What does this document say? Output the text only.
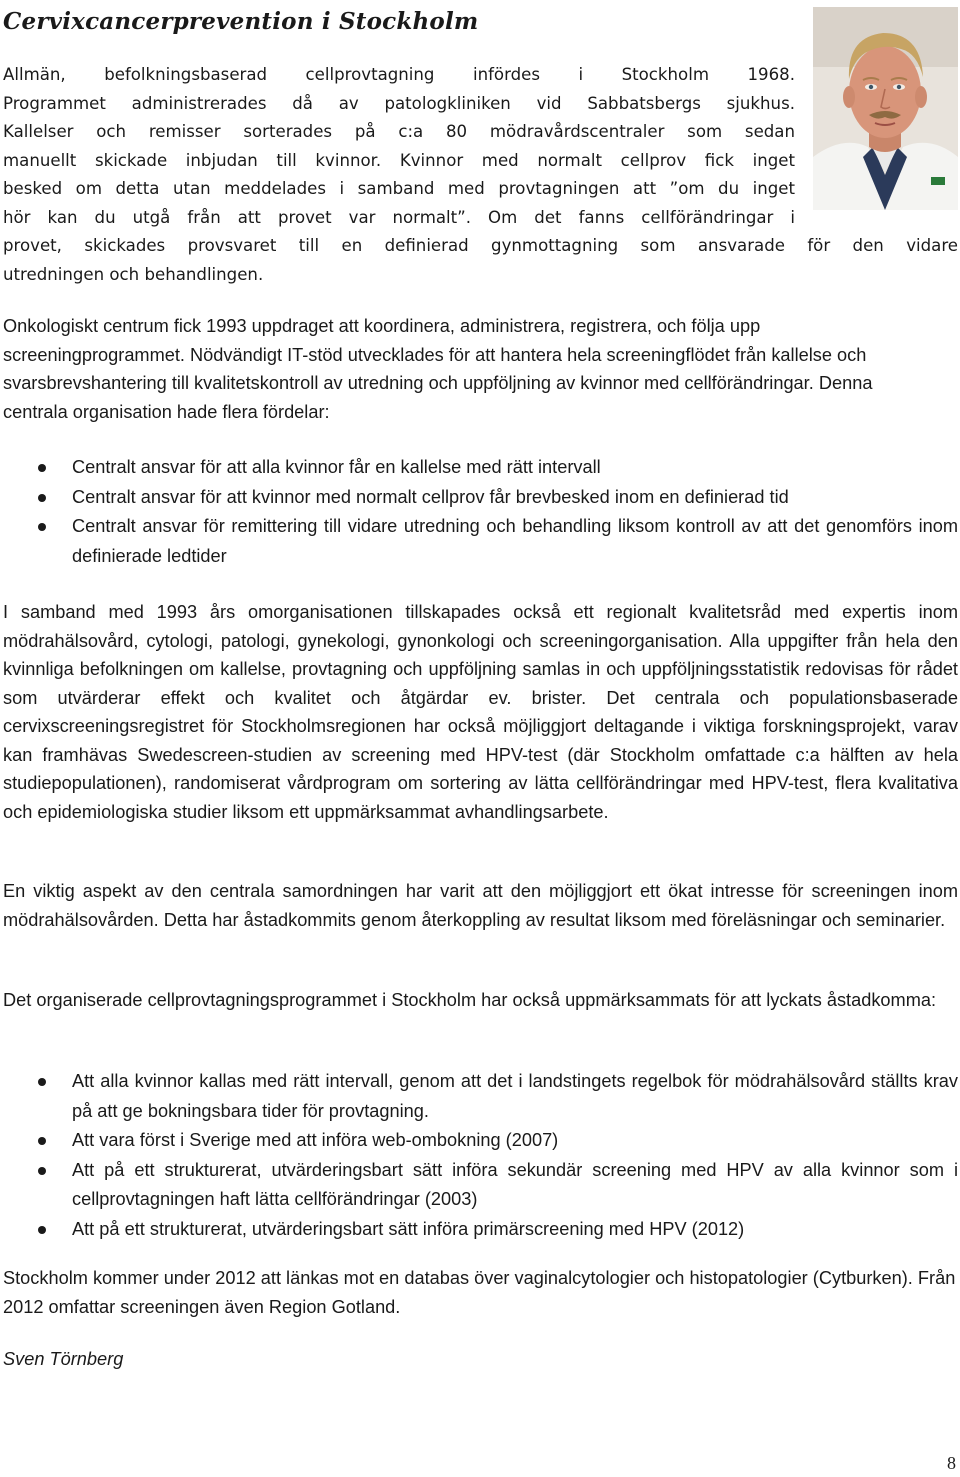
Cervixcancerprevention i Stockholm

Allmän, befolkningsbaserad cellprovtagning infördes i Stockholm 1968.
Programmet administrerades då av patologkliniken vid Sabbatsbergs sjukhus.
Kallelser och remisser sorterades på c:a 80 mödravårdscentraler som sedan
manuellt skickade inbjudan till kvinnor. Kvinnor med normalt cellprov fick inget
besked om detta utan meddelades i samband med provtagningen att ”om du inget
hör kan du utgå från att provet var normalt”. Om det fanns cellförändringar i
provet, skickades provsvaret till en definierad gynmottagning som ansvarade för den vidare
utredningen och behandlingen.

Onkologiskt centrum fick 1993 uppdraget att koordinera, administrera, registrera, och följa upp screeningprogrammet. Nödvändigt IT-stöd utvecklades för att hantera hela screeningflödet från kallelse och svarsbrevshantering till kvalitetskontroll av utredning och uppföljning av kvinnor med cellförändringar. Denna centrala organisation hade flera fördelar:

Centralt ansvar för att alla kvinnor får en kallelse med rätt intervall
Centralt ansvar för att kvinnor med normalt cellprov får brevbesked inom en definierad tid
Centralt ansvar för remittering till vidare utredning och behandling liksom kontroll av att det genomförs inom definierade ledtider

I samband med 1993 års omorganisationen tillskapades också ett regionalt kvalitetsråd med expertis inom mödrahälsovård, cytologi, patologi, gynekologi, gynonkologi och screeningorganisation. Alla uppgifter från hela den kvinnliga befolkningen om kallelse, provtagning och uppföljning samlas in och uppföljningsstatistik redovisas för rådet som utvärderar effekt och kvalitet och åtgärdar ev. brister. Det centrala och populationsbaserade cervixscreeningsregistret för Stockholmsregionen har också möjliggjort deltagande i viktiga forskningsprojekt, varav kan framhävas Swedescreen-studien av screening med HPV-test (där Stockholm omfattade c:a hälften av hela studiepopulationen), randomiserat vårdprogram om sortering av lätta cellförändringar med HPV-test, flera kvalitativa och epidemiologiska studier liksom ett uppmärksammat avhandlingsarbete.

En viktig aspekt av den centrala samordningen har varit att den möjliggjort ett ökat intresse för screeningen inom mödrahälsovården. Detta har åstadkommits genom återkoppling av resultat liksom med föreläsningar och seminarier.

Det organiserade cellprovtagningsprogrammet i Stockholm har också uppmärksammats för att lyckats åstadkomma:

Att alla kvinnor kallas med rätt intervall, genom att det i landstingets regelbok för mödrahälsovård ställts krav på att ge bokningsbara tider för provtagning.
Att vara först i Sverige med att införa web-ombokning (2007)
Att på ett strukturerat, utvärderingsbart sätt införa sekundär screening med HPV av alla kvinnor som i cellprovtagningen haft lätta cellförändringar (2003)
Att på ett strukturerat, utvärderingsbart sätt införa primärscreening med HPV (2012)

Stockholm kommer under 2012 att länkas mot en databas över vaginalcytologier och histopatologier (Cytburken). Från 2012 omfattar screeningen även Region Gotland.

Sven Törnberg

8
